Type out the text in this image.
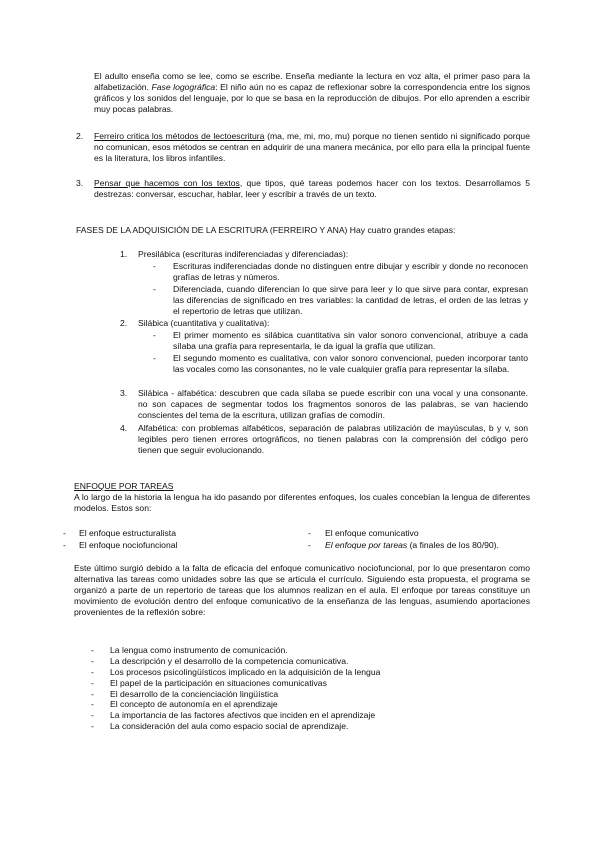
El adulto enseña como se lee, como se escribe. Enseña mediante la lectura en voz alta, el primer paso para la alfabetización. Fase logográfica: El niño aún no es capaz de reflexionar sobre la correspondencia entre los signos gráficos y los sonidos del lenguaje, por lo que se basa en la reproducción de dibujos. Por ello aprenden a escribir muy pocas palabras.
2. Ferreiro critica los métodos de lectoescritura (ma, me, mi, mo, mu) porque no tienen sentido ni significado porque no comunican, esos métodos se centran en adquirir de una manera mecánica, por ello para ella la principal fuente es la literatura, los libros infantiles.
3. Pensar que hacemos con los textos, que tipos, qué tareas podemos hacer con los textos. Desarrollamos 5 destrezas: conversar, escuchar, hablar, leer y escribir a través de un texto.
FASES DE LA ADQUISICIÓN DE LA ESCRITURA (FERREIRO Y ANA) Hay cuatro grandes etapas:
1. Presilábica (escrituras indiferenciadas y diferenciadas):
- Escrituras indiferenciadas donde no distinguen entre dibujar y escribir y donde no reconocen grafías de letras y números.
- Diferenciada, cuando diferencian lo que sirve para leer y lo que sirve para contar, expresan las diferencias de significado en tres variables: la cantidad de letras, el orden de las letras y el repertorio de letras que utilizan.
2. Silábica (cuantitativa y cualitativa):
- El primer momento es silábica cuantitativa sin valor sonoro convencional, atribuye a cada sílaba una grafía para representarla, le da igual la grafía que utilizan.
- El segundo momento es cualitativa, con valor sonoro convencional, pueden incorporar tanto las vocales como las consonantes, no le vale cualquier grafía para representar la sílaba.
3. Silábica - alfabética: descubren que cada sílaba se puede escribir con una vocal y una consonante. no son capaces de segmentar todos los fragmentos sonoros de las palabras, se van haciendo conscientes del tema de la escritura, utilizan grafías de comodín.
4. Alfabética: con problemas alfabéticos, separación de palabras utilización de mayúsculas, b y v, son legibles pero tienen errores ortográficos, no tienen palabras con la comprensión del código pero tienen que seguir evolucionando.
ENFOQUE POR TAREAS
A lo largo de la historia la lengua ha ido pasando por diferentes enfoques, los cuales concebían la lengua de diferentes modelos. Estos son:
- El enfoque estructuralista
- El enfoque nociofuncional
- El enfoque comunicativo
- El enfoque por tareas (a finales de los 80/90).
Este último surgió debido a la falta de eficacia del enfoque comunicativo nociofuncional, por lo que presentaron como alternativa las tareas como unidades sobre las que se articula el currículo. Siguiendo esta propuesta, el programa se organizó a parte de un repertorio de tareas que los alumnos realizan en el aula. El enfoque por tareas constituye un movimiento de evolución dentro del enfoque comunicativo de la enseñanza de las lenguas, asumiendo aportaciones provenientes de la reflexión sobre:
- La lengua como instrumento de comunicación.
- La descripción y el desarrollo de la competencia comunicativa.
- Los procesos psicolingüísticos implicado en la adquisición de la lengua
- El papel de la participación en situaciones comunicativas
- El desarrollo de la concienciación lingüística
- El concepto de autonomía en el aprendizaje
- La importancia de las factores afectivos que inciden en el aprendizaje
- La consideración del aula como espacio social de aprendizaje.
